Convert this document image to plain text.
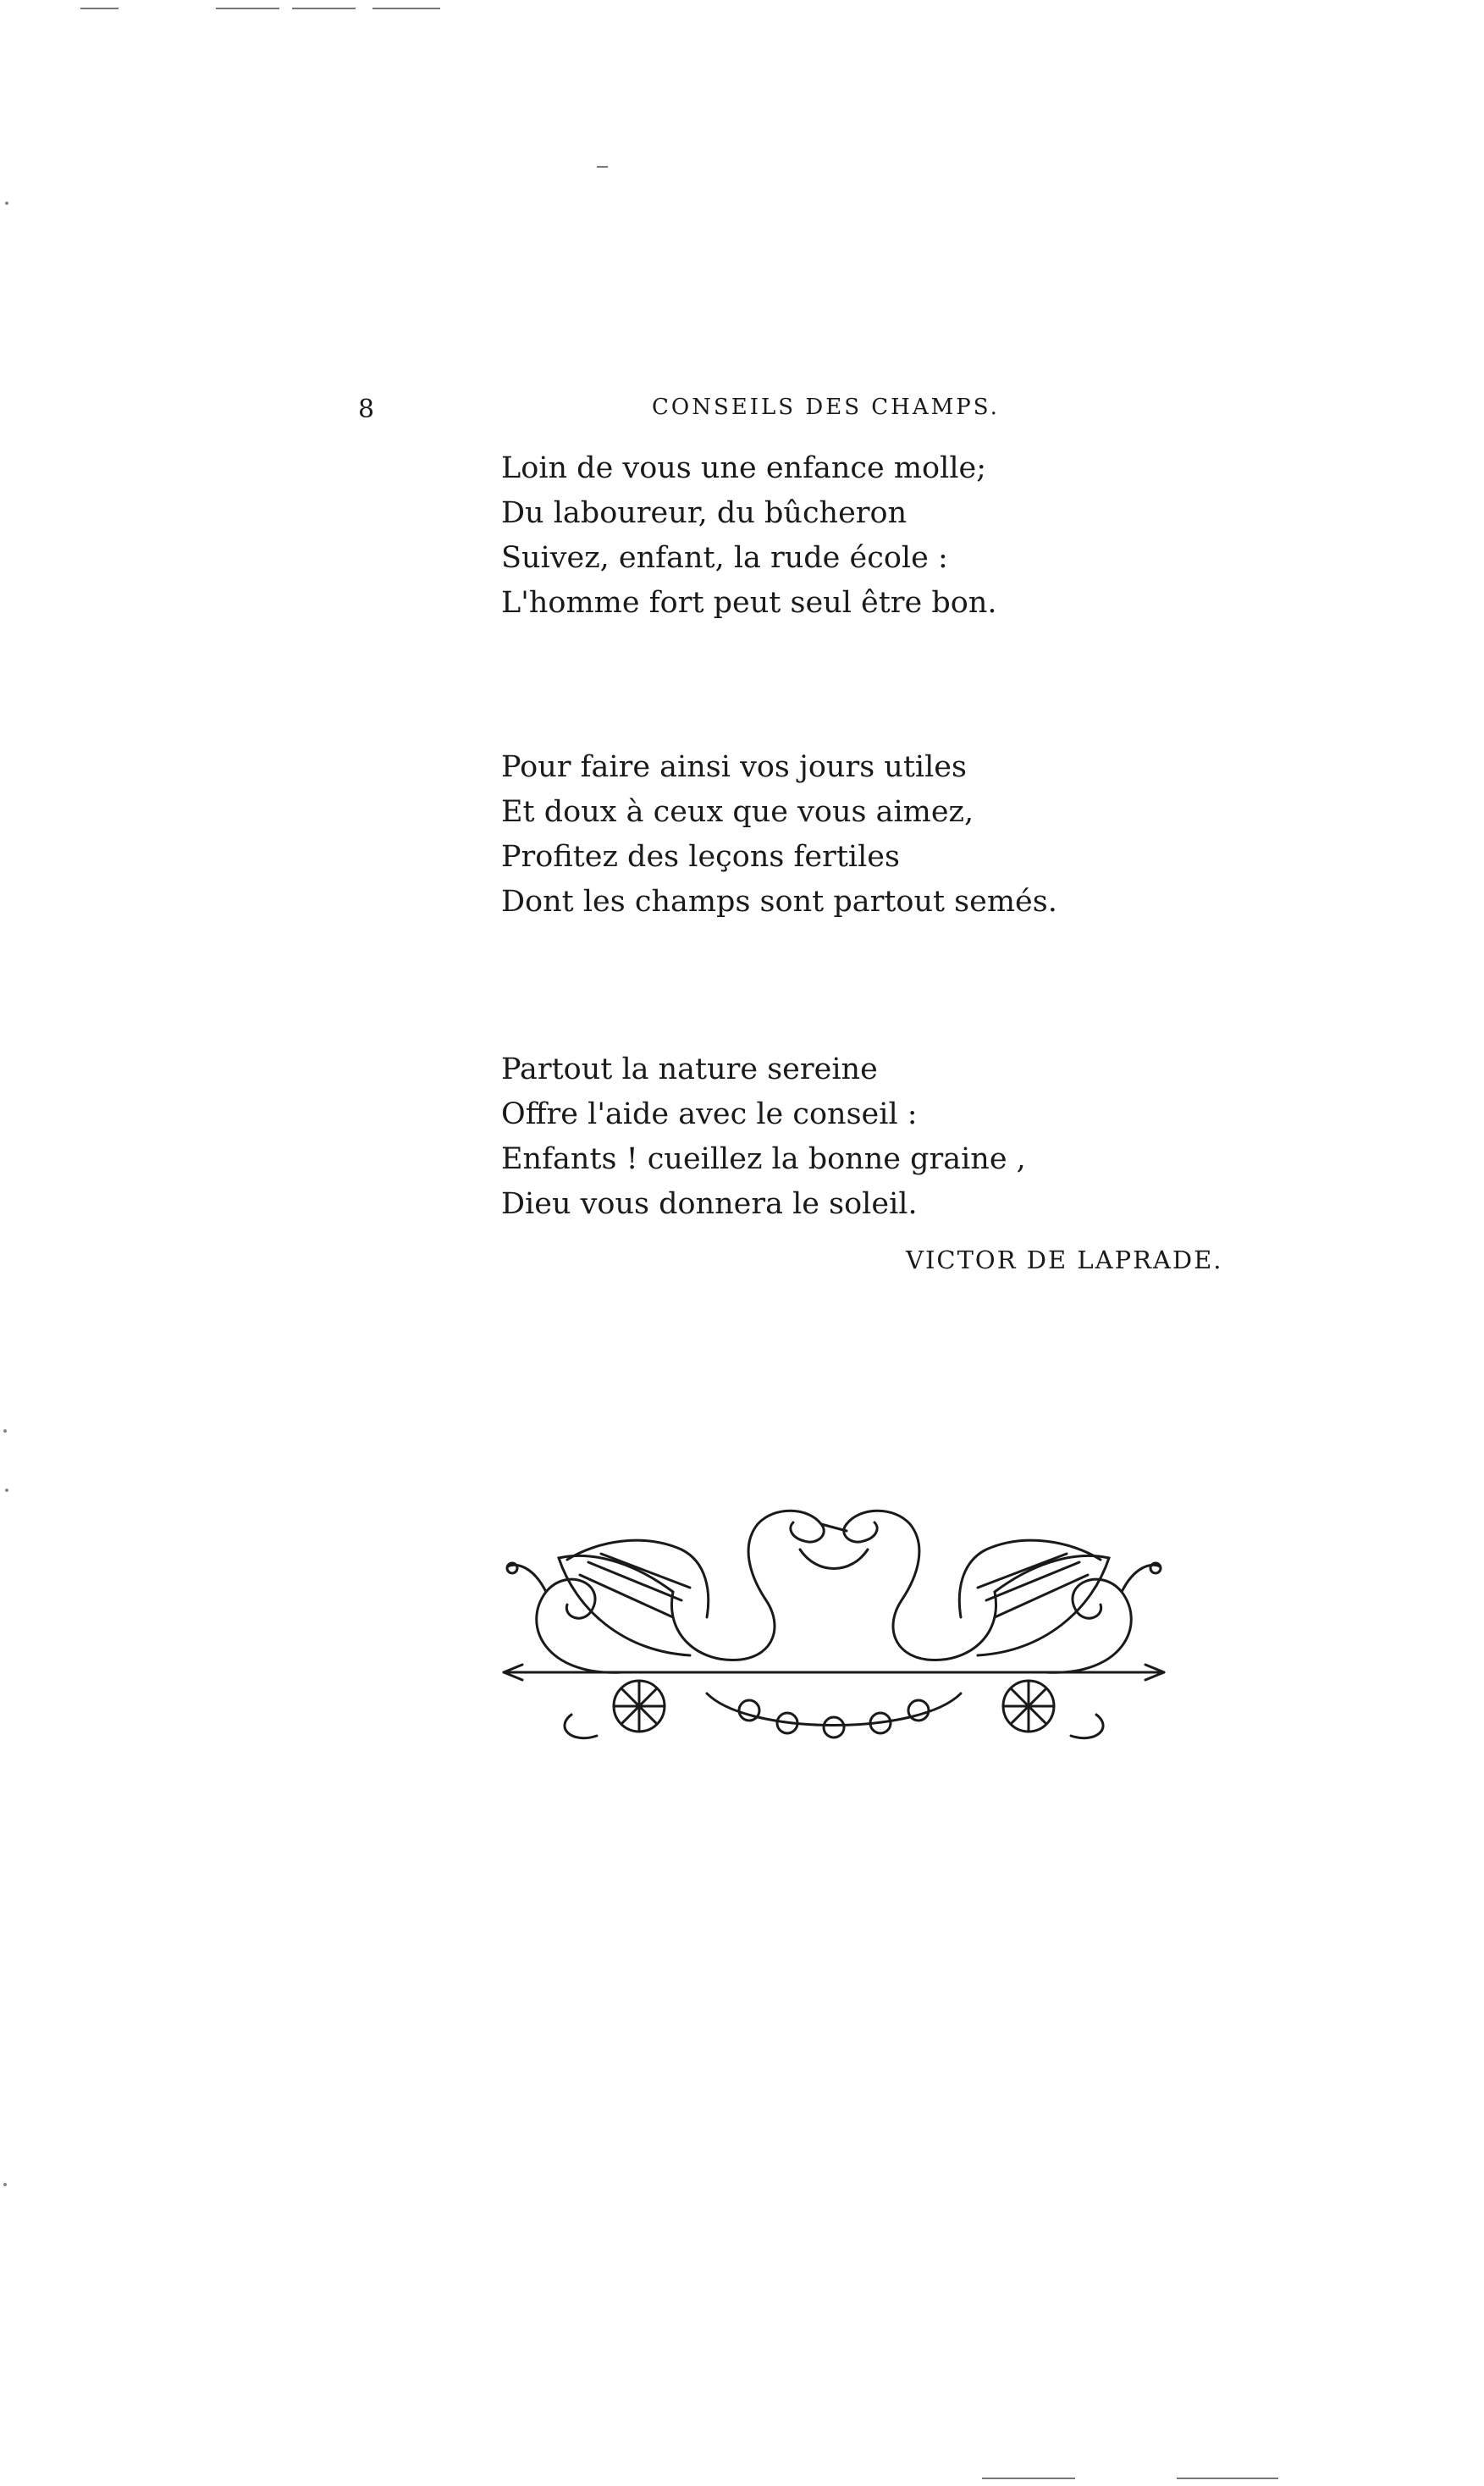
8	CONSEILS DES CHAMPS.
Loin de vous une enfance molle;
Du laboureur, du bûcheron
Suivez, enfant, la rude école :
L'homme fort peut seul être bon.
Pour faire ainsi vos jours utiles
Et doux à ceux que vous aimez,
Profitez des leçons fertiles
Dont les champs sont partout semés.
Partout la nature sereine
Offre l'aide avec le conseil :
Enfants ! cueillez la bonne graine ,
Dieu vous donnera le soleil.
VICTOR DE LAPRADE.
